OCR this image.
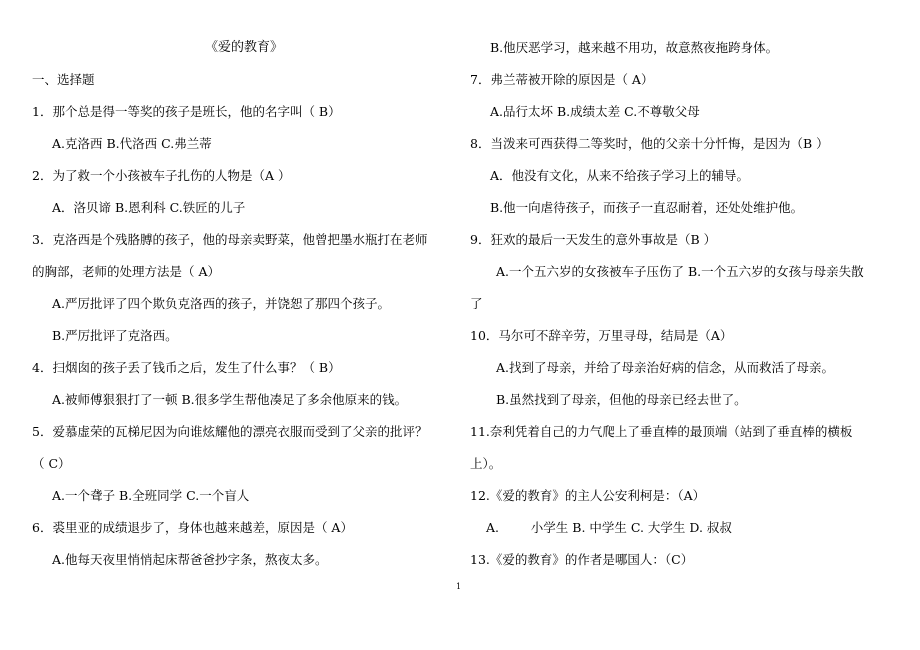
《爱的教育》
一、选择题
1．那个总是得一等奖的孩子是班长，他的名字叫（ B）
A.克洛西 B.代洛西 C.弗兰蒂
2．为了救一个小孩被车子扎伤的人物是（A ）
A．洛贝谛 B.恩利科 C.铁匠的儿子
3．克洛西是个残胳膊的孩子，他的母亲卖野菜，他曾把墨水瓶打在老师
的胸部，老师的处理方法是（ A）
A.严厉批评了四个欺负克洛西的孩子，并饶恕了那四个孩子。
B.严厉批评了克洛西。
4．扫烟囱的孩子丢了钱币之后，发生了什么事？（ B）
A.被师傅狠狠打了一顿 B.很多学生帮他凑足了多余他原来的钱。
5．爱慕虚荣的瓦梯尼因为向谁炫耀他的漂亮衣服而受到了父亲的批评？
（ C）
A.一个聋子 B.全班同学 C.一个盲人
6．裘里亚的成绩退步了，身体也越来越差，原因是（ A）
A.他每天夜里悄悄起床帮爸爸抄字条，熬夜太多。
B.他厌恶学习，越来越不用功，故意熬夜拖跨身体。
7．弗兰蒂被开除的原因是（ A）
A.品行太坏 B.成绩太差 C.不尊敬父母
8．当泼来可西获得二等奖时，他的父亲十分忏悔，是因为（B ）
A．他没有文化，从来不给孩子学习上的辅导。
B.他一向虐待孩子，而孩子一直忍耐着，还处处维护他。
9．狂欢的最后一天发生的意外事故是（B ）
A.一个五六岁的女孩被车子压伤了 B.一个五六岁的女孩与母亲失散
了
10．马尔可不辞辛劳，万里寻母，结局是（A）
A.找到了母亲，并给了母亲治好病的信念，从而救活了母亲。
B.虽然找到了母亲，但他的母亲已经去世了。
11.奈利凭着自己的力气爬上了垂直棒的最顶端（站到了垂直棒的横板
上）。
12.《爱的教育》的主人公安利柯是：（A）
A.        小学生 B. 中学生 C. 大学生 D. 叔叔
13.《爱的教育》的作者是哪国人：（C）
1
